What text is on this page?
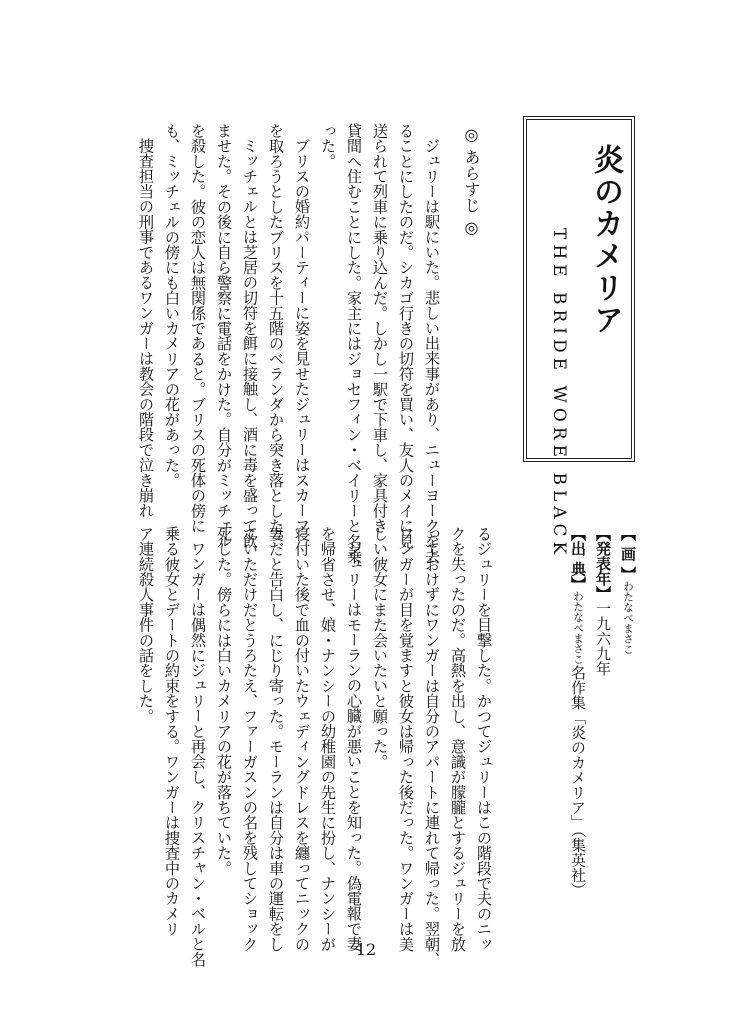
炎のカメリア
THE BRIDE WORE BLACK
◎ あらすじ ◎

ジュリーは駅にいた。悲しい出来事があり、ニューヨークを去

ることにしたのだ。シカゴ行きの切符を買い、友人のメイに見

送られて列車に乗り込んだ。しかし一駅で下車し、家具付き

貸間へ住むことにした。家主にはジョセフィン・ベイリーと名乗

った。

ブリスの婚約パーティーに姿を見せたジュリーはスカーフ

を取ろうとしたブリスを十五階のベランダから突き落とした。

ミッチェルとは芝居の切符を餌に接触し、酒に毒を盛って飲

ませた。その後に自ら警察に電話をかけた。自分がミッチェル

を殺した。彼の恋人は無関係であると。ブリスの死体の傍に

も、ミッチェルの傍にも白いカメリアの花があった。

捜査担当の刑事であるワンガーは教会の階段で泣き崩れ
【 画 】わたなべまさこ
【発表年】一九六九年
【出 典】わたなべまさこ名作集「炎のカメリア」（集英社）

るジュリーを目撃した。かつてジュリーはこの階段で夫のニッ

クを失ったのだ。高熱を出し、意識が朦朧とするジュリーを放

っておけずにワンガーは自分のアパートに連れて帰った。翌朝、

ワンガーが目を覚ますと彼女は帰った後だった。ワンガーは美

しい彼女にまた会いたいと願った。

ジュリーはモーランの心臓が悪いことを知った。偽電報で妻

を帰省させ、娘・ナンシーの幼稚園の先生に扮し、ナンシーが

寝付いた後で血の付いたウェディングドレスを纏ってニックの

妻だと告白し、にじり寄った。モーランは自分は車の運転をし

ていただけだとうろたえ、ファーガスンの名を残してショック

死した。傍らには白いカメリアの花が落ちていた。

ワンガーは偶然にジュリーと再会し、クリスチャン・ベルと名

乗る彼女とデートの約束をする。ワンガーは捜査中のカメリ

ア連続殺人事件の話をした。

12
